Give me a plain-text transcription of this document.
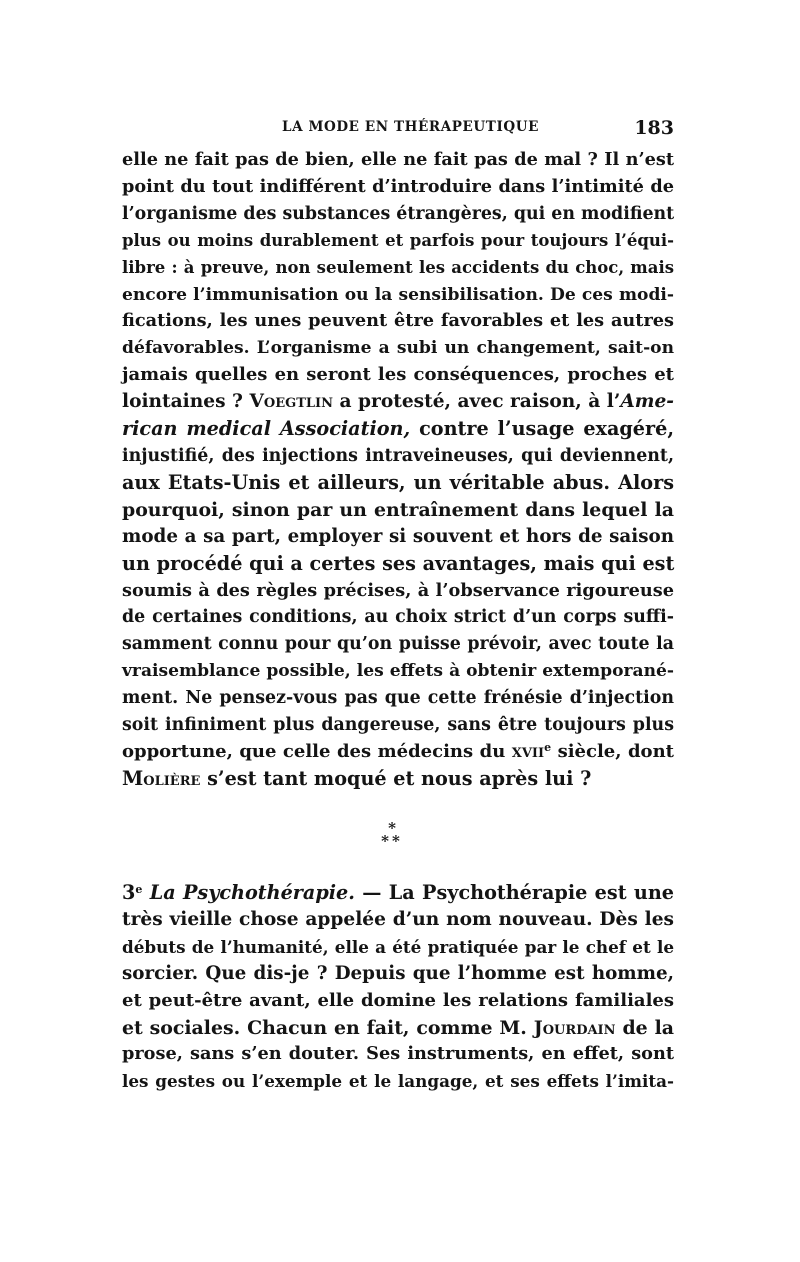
LA MODE EN THÉRAPEUTIQUE	183
elle ne fait pas de bien, elle ne fait pas de mal ? Il n’est
point du tout indifférent d’introduire dans l’intimité de
l’organisme des substances étrangères, qui en modifient
plus ou moins durablement et parfois pour toujours l’équi-
libre : à preuve, non seulement les accidents du choc, mais
encore l’immunisation ou la sensibilisation. De ces modi-
fications, les unes peuvent être favorables et les autres
défavorables. L’organisme a subi un changement, sait-on
jamais quelles en seront les conséquences, proches et
lointaines ? Voegtlin a protesté, avec raison, à l’Ame-
rican medical Association, contre l’usage exagéré,
injustifié, des injections intraveineuses, qui deviennent,
aux Etats-Unis et ailleurs, un véritable abus. Alors
pourquoi, sinon par un entraînement dans lequel la
mode a sa part, employer si souvent et hors de saison
un procédé qui a certes ses avantages, mais qui est
soumis à des règles précises, à l’observance rigoureuse
de certaines conditions, au choix strict d’un corps suffi-
samment connu pour qu’on puisse prévoir, avec toute la
vraisemblance possible, les effets à obtenir extemporané-
ment. Ne pensez-vous pas que cette frénésie d’injection
soit infiniment plus dangereuse, sans être toujours plus
opportune, que celle des médecins du xvii$^e$ siècle, dont
Molière s’est tant moqué et nous après lui ?
*
**
3e La Psychothérapie. — La Psychothérapie est une
très vieille chose appelée d’un nom nouveau. Dès les
débuts de l’humanité, elle a été pratiquée par le chef et le
sorcier. Que dis-je ? Depuis que l’homme est homme,
et peut-être avant, elle domine les relations familiales
et sociales. Chacun en fait, comme M. Jourdain de la
prose, sans s’en douter. Ses instruments, en effet, sont
les gestes ou l’exemple et le langage, et ses effets l’imita-
